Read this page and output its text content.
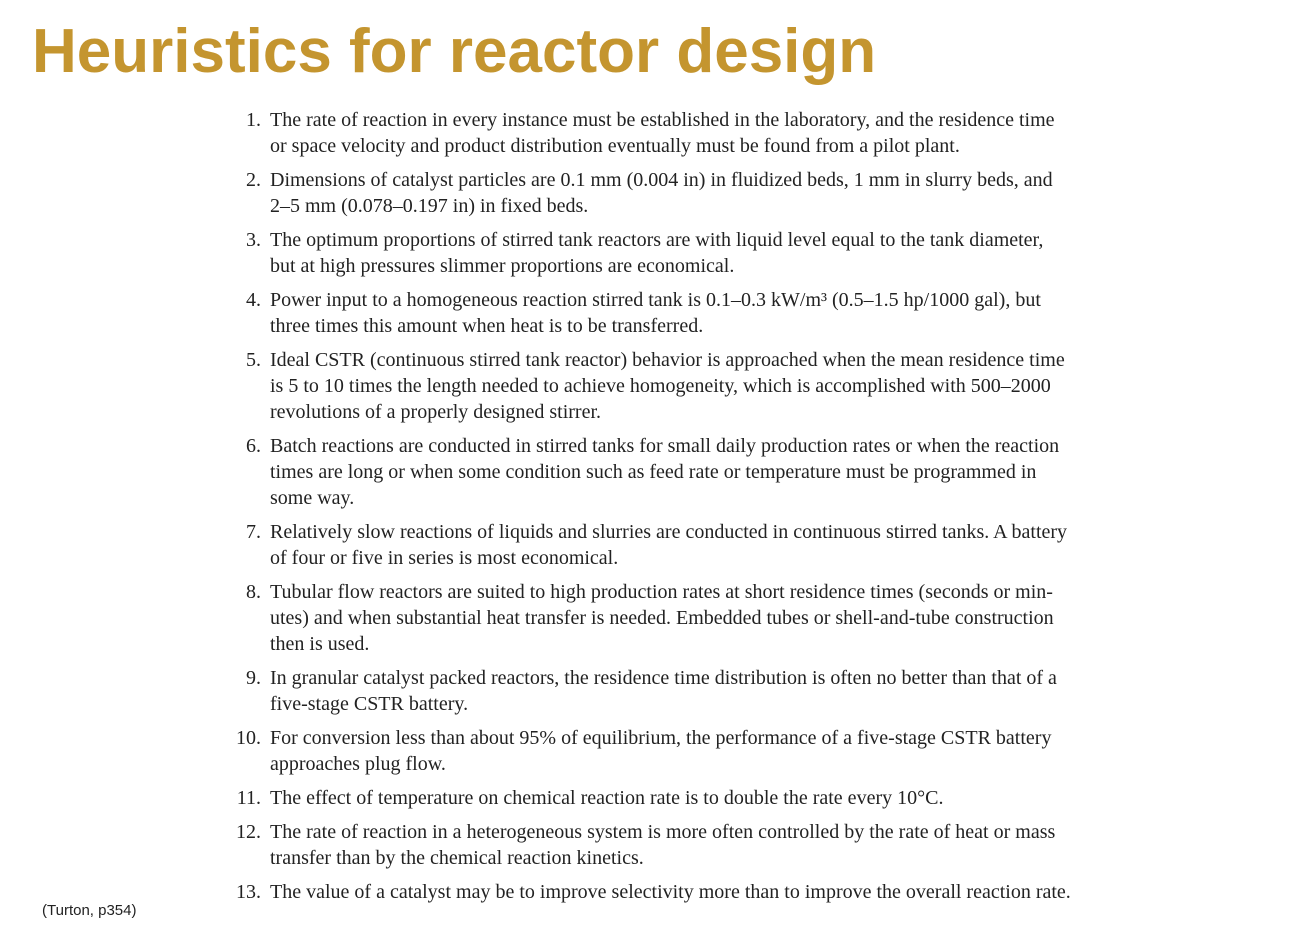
Heuristics for reactor design
1. The rate of reaction in every instance must be established in the laboratory, and the residence time
or space velocity and product distribution eventually must be found from a pilot plant.
2. Dimensions of catalyst particles are 0.1 mm (0.004 in) in fluidized beds, 1 mm in slurry beds, and
2–5 mm (0.078–0.197 in) in fixed beds.
3. The optimum proportions of stirred tank reactors are with liquid level equal to the tank diameter,
but at high pressures slimmer proportions are economical.
4. Power input to a homogeneous reaction stirred tank is 0.1–0.3 kW/m³ (0.5–1.5 hp/1000 gal), but
three times this amount when heat is to be transferred.
5. Ideal CSTR (continuous stirred tank reactor) behavior is approached when the mean residence time
is 5 to 10 times the length needed to achieve homogeneity, which is accomplished with 500–2000
revolutions of a properly designed stirrer.
6. Batch reactions are conducted in stirred tanks for small daily production rates or when the reaction
times are long or when some condition such as feed rate or temperature must be programmed in
some way.
7. Relatively slow reactions of liquids and slurries are conducted in continuous stirred tanks. A battery
of four or five in series is most economical.
8. Tubular flow reactors are suited to high production rates at short residence times (seconds or min-
utes) and when substantial heat transfer is needed. Embedded tubes or shell-and-tube construction
then is used.
9. In granular catalyst packed reactors, the residence time distribution is often no better than that of a
five-stage CSTR battery.
10. For conversion less than about 95% of equilibrium, the performance of a five-stage CSTR battery
approaches plug flow.
11. The effect of temperature on chemical reaction rate is to double the rate every 10°C.
12. The rate of reaction in a heterogeneous system is more often controlled by the rate of heat or mass
transfer than by the chemical reaction kinetics.
13. The value of a catalyst may be to improve selectivity more than to improve the overall reaction rate.

(Turton, p354)
